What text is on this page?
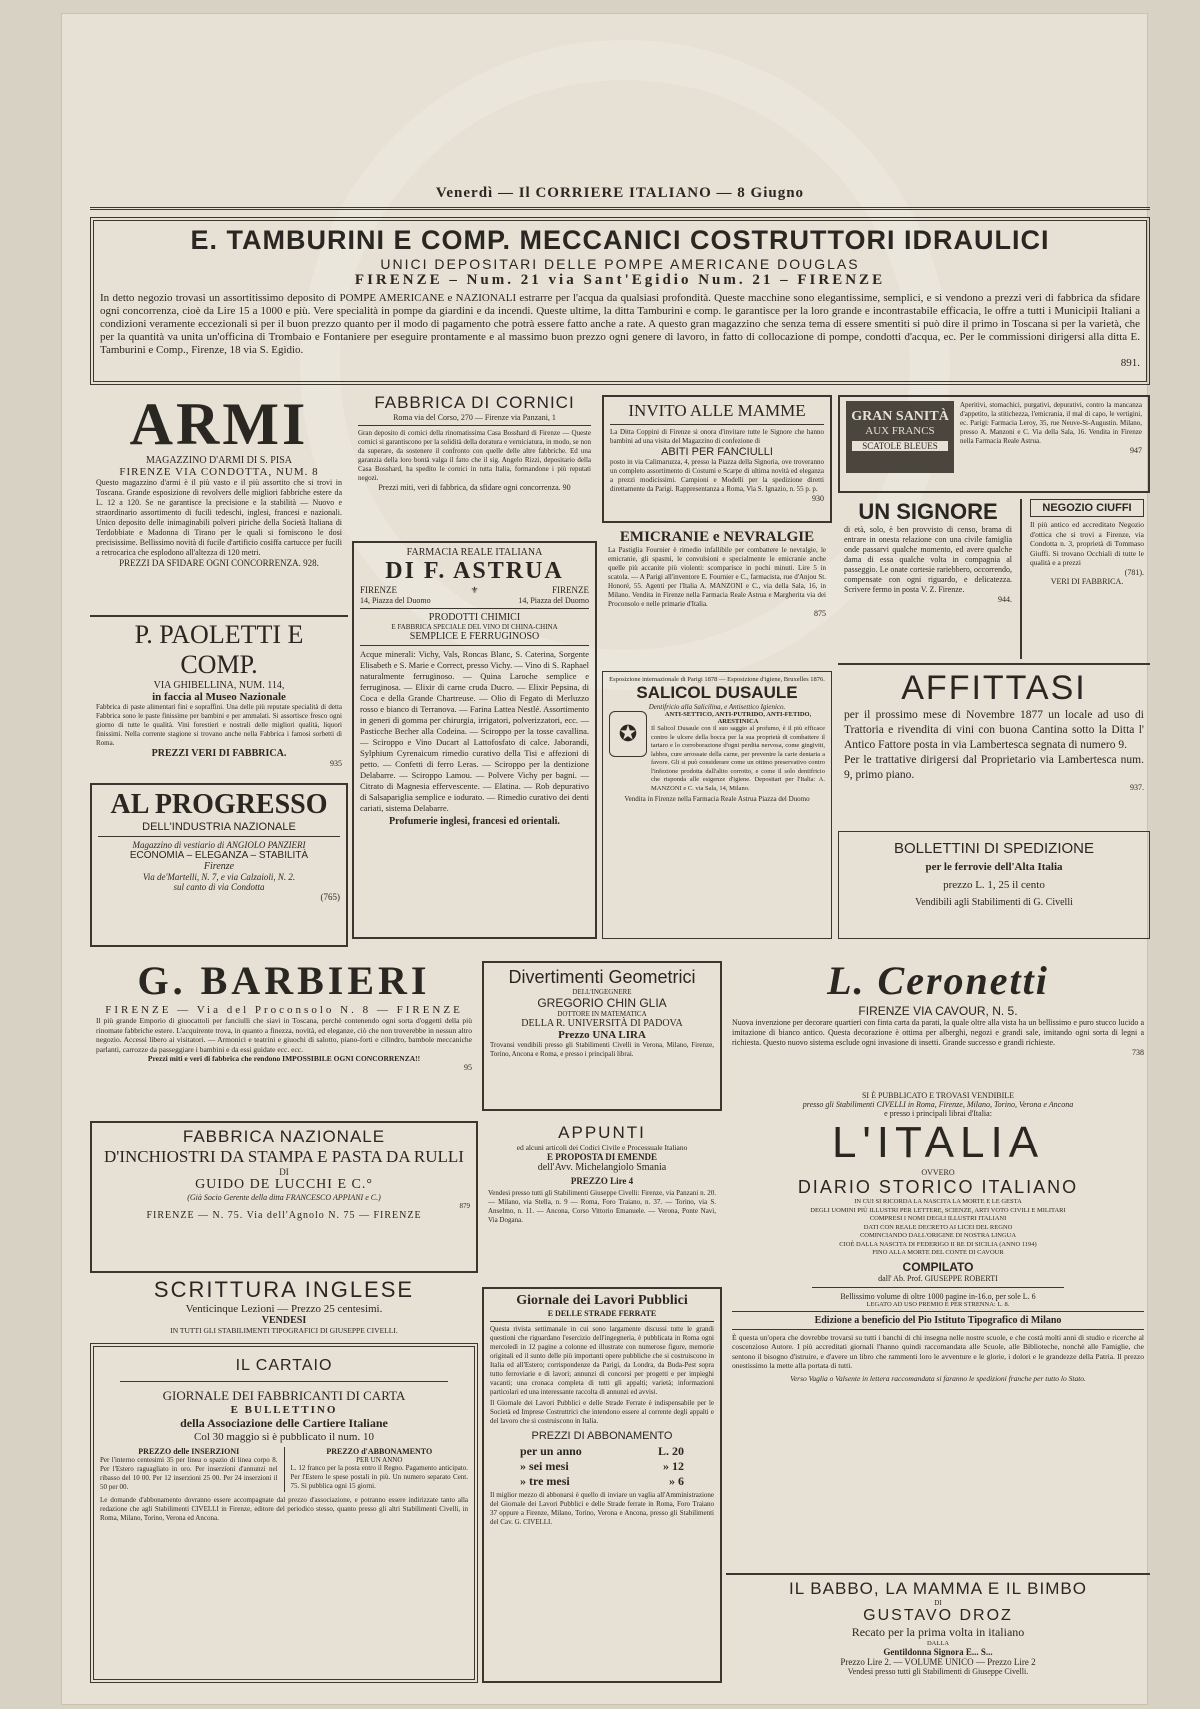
Venerdì — Il CORRIERE ITALIANO — 8 Giugno
E. TAMBURINI E COMP. MECCANICI COSTRUTTORI IDRAULICI
UNICI DEPOSITARI DELLE POMPE AMERICANE DOUGLAS
FIRENZE – Num. 21 via Sant'Egidio Num. 21 – FIRENZE
In detto negozio trovasi un assortitissimo deposito di POMPE AMERICANE e NAZIONALI estrarre per l'acqua da qualsiasi profondità. Queste macchine sono elegantissime, semplici, e si vendono a prezzi veri di fabbrica da sfidare ogni concorrenza, cioè da Lire 15 a 1000 e più. Vere specialità in pompe da giardini e da incendi. Queste ultime, la ditta Tamburini e comp. le garantisce per la loro grande e incontrastabile efficacia, le offre a tutti i Municipii Italiani a condizioni veramente eccezionali si per il buon prezzo quanto per il modo di pagamento che potrà essere fatto anche a rate. A questo gran magazzino che senza tema di essere smentiti si può dire il primo in Toscana si per la varietà, che per la quantità va unita un'officina di Trombaio e Fontaniere per eseguire prontamente e al massimo buon prezzo ogni genere di lavoro, in fatto di collocazione di pompe, condotti d'acqua, ec. Per le commissioni dirigersi alla ditta E. Tamburini e Comp., Firenze, 18 via S. Egidio.
891.
ARMI
MAGAZZINO D'ARMI DI S. PISA
FIRENZE VIA CONDOTTA, NUM. 8
Questo magazzino d'armi è il più vasto e il più assortito che si trovi in Toscana. Grande esposizione di revolvers delle migliori fabbriche estere da L. 12 a 120. Se ne garantisce la precisione e la stabilità — Nuovo e straordinario assortimento di fucili tedeschi, inglesi, francesi e nazionali. Unico deposito delle inimaginabili polveri piriche della Società Italiana di Terdobbiate e Madonna di Tirano per le quali si forniscono le dosi precisissime. Bellissimo novità di fucile d'artificio cosiffa cartucce per fucili a retrocarica che esplodono all'altezza di 120 metri.
PREZZI DA SFIDARE OGNI CONCORRENZA. 928.
P. PAOLETTI E COMP.
VIA GHIBELLINA, NUM. 114,
in faccia al Museo Nazionale
Fabbrica di paste alimentari fini e sopraffini. Una delle più reputate specialità di detta Fabbrica sono le paste finissime per bambini e per ammalati. Si assortisce fresco ogni giorno di tutte le qualità. Vini forestieri e nostrali delle migliori qualità, liquori finissimi. Nella corrente stagione si trovano anche nella Fabbrica i famosi sorbetti di Roma.
PREZZI VERI DI FABBRICA.
935
AL PROGRESSO
DELL'INDUSTRIA NAZIONALE
Magazzino di vestiario di ANGIOLO PANZIERI
ECONOMIA – ELEGANZA – STABILITÀ
Firenze
Via de'Martelli, N. 7, e via Calzaioli, N. 2.
sul canto di via Condotta
(765)
FABBRICA DI CORNICI
Roma via del Corso, 270 — Firenze via Panzani, 1
Gran deposito di cornici della rinomatissima Casa Bosshard di Firenze — Queste cornici si garantiscono per la solidità della doratura e verniciatura, in modo, se non da superare, da sostenere il confronto con quelle delle altre fabbriche. Ed una garanzia della loro bontà valga il fatto che il sig. Angelo Rizzi, depositario della Casa Bosshard, ha spedito le cornici in tutta Italia, formandone i più reputati negozi.
Prezzi miti, veri di fabbrica, da sfidare ogni concorrenza. 90
FARMACIA REALE ITALIANA
DI F. ASTRUA
FIRENZE	⚜	FIRENZE
14, Piazza del Duomo	14, Piazza del Duomo
PRODOTTI CHIMICI
E FABBRICA SPECIALE DEL VINO DI CHINA-CHINA
SEMPLICE E FERRUGINOSO
Acque minerali: Vichy, Vals, Roncas Blanc, S. Caterina, Sorgente Elisabeth e S. Marie e Correct, presso Vichy. — Vino di S. Raphael naturalmente ferruginoso. — Quina Laroche semplice e ferruginosa. — Elixir di carne cruda Ducro. — Elixir Pepsina, di Coca e della Grande Chartreuse. — Olio di Fegato di Merluzzo rosso e bianco di Terranova. — Farina Lattea Nestlé. Assortimento in generi di gomma per chirurgia, irrigatori, polverizzatori, ecc. — Pasticche Becher alla Codeina. — Sciroppo per la tosse cavallina. — Sciroppo e Vino Ducart al Lattofosfato di calce. Jaborandi, Sylphium Cyrenaicum rimedio curativo della Tisi e affezioni di petto. — Confetti di ferro Leras. — Sciroppo per la dentizione Delabarre. — Sciroppo Lamou. — Polvere Vichy per bagni. — Citrato di Magnesia effervescente. — Elatina. — Rob depurativo di Salsapariglia semplice e iodurato. — Rimedio curativo dei denti cariati, sistema Delabarre.
Profumerie inglesi, francesi ed orientali.
INVITO ALLE MAMME
La Ditta Coppini di Firenze si onora d'invitare tutte le Signore che hanno bambini ad una visita del Magazzino di confezione di
ABITI PER FANCIULLI
posto in via Calimaruzza, 4, presso la Piazza della Signoria, ove troveranno un completo assortimento di Costumi e Scarpe di ultima novità ed eleganza a prezzi modicissimi. Campioni e Modelli per la spedizione diretti direttamente da Parigi. Rappresentanza a Roma, Via S. Ignazio, n. 55 p. p.
930
EMICRANIE e NEVRALGIE
La Pastiglia Fournier è rimedio infallibile per combattere le nevralgie, le emicranie, gli spasmi, le convulsioni e specialmente le emicranie anche quelle più accanite più violenti: scomparisce in pochi minuti. Lire 5 in scatola. — A Parigi all'inventore E. Fournier e C., farmacista, rue d'Anjou St. Honoré, 55. Agenti per l'Italia A. MANZONI e C., via della Sala, 16, in Milano. Vendita in Firenze nella Farmacia Reale Astrua e Margherita via dei Proconsolo e nelle primarie d'Italia.
875
Esposizione internazionale di Parigi 1878 — Esposizione d'igiene, Bruxelles 1876.
SALICOL DUSAULE
Dentifricio alla Salicilina, e Antisettico Igienico.
✪
ANTI-SETTICO, ANTI-PUTRIDO, ANTI-FETIDO, ARESTINICA
Il Salicol Dusaule con il suo saggio al profumo, è il più efficace contro le ulcere della bocca per la sua proprietà di combattere il tartaro e lo corroborazione d'ogni perdita nervosa, come gingiviti, labbra, cure arrossate della carne, per prevenire la carie dentaria a favore. Gli si può considerare come un ottimo preservativo contro l'infezione prodotta dall'alito corrotto, e come il solo dentifricio che risponda alle esigenze d'igiene. Depositari per l'Italia: A. MANZONI e C. via Sala, 14, Milano.
Vendita in Firenze nella Farmacia Reale Astrua Piazza del Duomo
GRAN SANITÀ
AUX FRANCS
SCATOLE BLEUES
Aperitivi, stomachici, purgativi, depurativi, contro la mancanza d'appetito, la stitichezza, l'emicrania, il mal di capo, le vertigini, ec. Parigi: Farmacia Leroy, 35, rue Neuve-St-Augustin. Milano, presso A. Manzoni e C. Via della Sala, 16. Vendita in Firenze nella Farmacia Reale Astrua.
947
UN SIGNORE
di età, solo, è ben provvisto di censo, brama di entrare in onesta relazione con una civile famiglia onde passarvi qualche momento, ed avere qualche dama di essa qualche volta in compagnia al passeggio. Le onate cortesie rariebbero, occorrendo, compensate con ogni riguardo, e delicatezza. Scrivere fermo in posta V. Z. Firenze.
944.
NEGOZIO CIUFFI
Il più antico ed accreditato Negozio d'ottica che si trovi a Firenze, via Condotta n. 3, proprietà di Tommaso Giuffi. Si trovano Occhiali di tutte le qualità e a prezzi
(781).
VERI DI FABBRICA.
AFFITTASI
per il prossimo mese di Novembre 1877 un locale ad uso di Trattoria e rivendita di vini con buona Cantina sotto la Ditta l' Antico Fattore posta in via Lambertesca segnata di numero 9.
Per le trattative dirigersi dal Proprietario via Lambertesca num. 9, primo piano.
937.
BOLLETTINI DI SPEDIZIONE
per le ferrovie dell'Alta Italia
prezzo L. 1, 25 il cento
Vendibili agli Stabilimenti di G. Civelli
G. BARBIERI
FIRENZE — Via del Proconsolo N. 8 — FIRENZE
Il più grande Emporio di giuocattoli per fanciulli che siavi in Toscana, perchè contenendo ogni sorta d'oggetti della più rinomate fabbriche estere. L'acquirente trova, in quanto a finezza, novità, ed eleganze, ciò che non troverebbe in nessun altro negozio. Accessi libero ai visitatori. — Armonici e teatrini e giuochi di salotto, piano-forti e cilindro, bambole meccaniche parlanti, carrozze da passeggiare i bambini e da essi guidate ecc. ecc.
Prezzi miti e veri di fabbrica che rendono IMPOSSIBILE OGNI CONCORRENZA!!
95
Divertimenti Geometrici
DELL'INGEGNERE
GREGORIO CHIN GLIA
DOTTORE IN MATEMATICA
DELLA R. UNIVERSITÀ DI PADOVA
Prezzo UNA LIRA
Trovansi vendibili presso gli Stabilimenti Civelli in Verona, Milano, Firenze, Torino, Ancona e Roma, e presso i principali librai.
L. Ceronetti
FIRENZE VIA CAVOUR, N. 5.
Nuova invenzione per decorare quartieri con finta carta da parati, la quale oltre alla vista ha un bellissimo e puro stucco lucido a imitazione di bianco antico. Questa decorazione è ottima per alberghi, negozi e grandi sale, imitando ogni sorta di legni a richiesta. Questo nuovo sistema esclude ogni invasione di insetti. Grande successo e grandi richieste.
738
FABBRICA NAZIONALE
D'INCHIOSTRI DA STAMPA E PASTA DA RULLI
DI
GUIDO DE LUCCHI E C.°
(Già Socio Gerente della ditta FRANCESCO APPIANI e C.)
879
FIRENZE — N. 75. Via dell'Agnolo N. 75 — FIRENZE
SCRITTURA INGLESE
Venticinque Lezioni — Prezzo 25 centesimi.
VENDESI
IN TUTTI GLI STABILIMENTI TIPOGRAFICI DI GIUSEPPE CIVELLI.
IL CARTAIO
GIORNALE DEI FABBRICANTI DI CARTA
E BULLETTINO
della Associazione delle Cartiere Italiane
Col 30 maggio si è pubblicato il num. 10
PREZZO delle INSERZIONI
Per l'interno centesimi 35 per linea o spazio di linea corpo 8. Per l'Estero raguagliato in oro. Per inserzioni d'annunzi nel ribasso del 10 00. Per 12 inserzioni 25 00. Per 24 inserzioni il 50 per 00.
PREZZO d'ABBONAMENTO
PER UN ANNO
L. 12 franco per la posta entro il Regno. Pagamento anticipato. Per l'Estero le spese postali in più. Un numero separato Cent. 75. Si pubblica ogni 15 giorni.
Le domande d'abbonamento dovranno essere accompagnate dal prezzo d'associazione, e potranno essere indirizzate tanto alla redazione che agli Stabilimenti CIVELLI in Firenze, editore del periodico stesso, quanto presso gli altri Stabilimenti Civelli, in Roma, Milano, Torino, Verona ed Ancona.
APPUNTI
ed alcuni articoli dei Codici Civile e Processuale Italiano
E PROPOSTA DI EMENDE
dell'Avv. Michelangiolo Smania
PREZZO Lire 4
Vendesi presso tutti gli Stabilimenti Giuseppe Civelli: Firenze, via Panzani n. 20. — Milano, via Stella, n. 9 — Roma, Foro Traiano, n. 37. — Torino, via S. Anselmo, n. 11. — Ancona, Corso Vittorio Emanuele. — Verona, Ponte Navi, Via Dogana.
Giornale dei Lavori Pubblici
E DELLE STRADE FERRATE
Questa rivista settimanale in cui sono largamente discussi tutte le grandi questioni che riguardano l'esercizio dell'ingegneria, è pubblicata in Roma ogni mercoledì in 12 pagine a colonne ed illustrate con numerose figure, memorie originali ed il sunto delle più importanti opere pubbliche che si costruiscono in Italia ed all'Estero; corrispondenze da Parigi, da Londra, da Buda-Pest sopra tutto ferroviarie e di lavori; annunzi di concorsi per progetti e per impieghi vacanti; una cronaca completa di tutti gli appalti; varietà; informazioni particolari ed una interessante raccolta di annunzi ed avvisi.
Il Giornale dei Lavori Pubblici e delle Strade Ferrate è indispensabile per le Società ed Imprese Costruttrici che intendono essere al corrente degli appalti e del lavoro che si costruiscono in Italia.
PREZZI DI ABBONAMENTO
per un anno	L. 20
» sei mesi	» 12
» tre mesi	» 6
Il miglior mezzo di abbonarsi è quello di inviare un vaglia all'Amministrazione del Giornale dei Lavori Pubblici e delle Strade ferrate in Roma, Foro Traiano 37 oppure a Firenze, Milano, Torino, Verona e Ancona, presso gli Stabilimenti del Cav. G. CIVELLI.
SI È PUBBLICATO E TROVASI VENDIBILE
presso gli Stabilimenti CIVELLI in Roma, Firenze, Milano, Torino, Verona e Ancona
e presso i principali librai d'Italia:
L'ITALIA
OVVERO
DIARIO STORICO ITALIANO
IN CUI SI RICORDA LA NASCITA LA MORTE E LE GESTA
DEGLI UOMINI PIÙ ILLUSTRI PER LETTERE, SCIENZE, ARTI VOTO CIVILI E MILITARI
COMPRESI I NOMI DEGLI ILLUSTRI ITALIANI
DATI CON REALE DECRETO AI LICEI DEL REGNO
COMINCIANDO DALL'ORIGINE DI NOSTRA LINGUA
CIOÈ DALLA NASCITA DI FEDERIGO II RE DI SICILIA (ANNO 1194)
FINO ALLA MORTE DEL CONTE DI CAVOUR
COMPILATO
dall' Ab. Prof. GIUSEPPE ROBERTI
Bellissimo volume di oltre 1000 pagine in-16.o, per sole L. 6
LEGATO AD USO PREMIO E PER STRENNA: L. 8.
Edizione a beneficio del Pio Istituto Tipografico di Milano
È questa un'opera che dovrebbe trovarsi su tutti i banchi di chi insegna nelle nostre scuole, e che costà molti anni di studio e ricerche al coscenzioso Autore. I più accreditati giornali l'hanno quindi raccomandata alle Scuole, alle Biblioteche, nonchè alle Famiglie, che sentono il bisogno d'istruire, e d'avere un libro che rammenti loro le avventure e le glorie, i dolori e le grandezze della Patria. Il prezzo onestissimo la mette alla portata di tutti.
Verso Vaglia o Valsente in lettera raccomandata si faranno le spedizioni franche per tutto lo Stato.
IL BABBO, LA MAMMA E IL BIMBO
DI
GUSTAVO DROZ
Recato per la prima volta in italiano
DALLA
Gentildonna Signora E... S...
Prezzo Lire 2. — VOLUME UNICO — Prezzo Lire 2
Vendesi presso tutti gli Stabilimenti di Giuseppe Civelli.
